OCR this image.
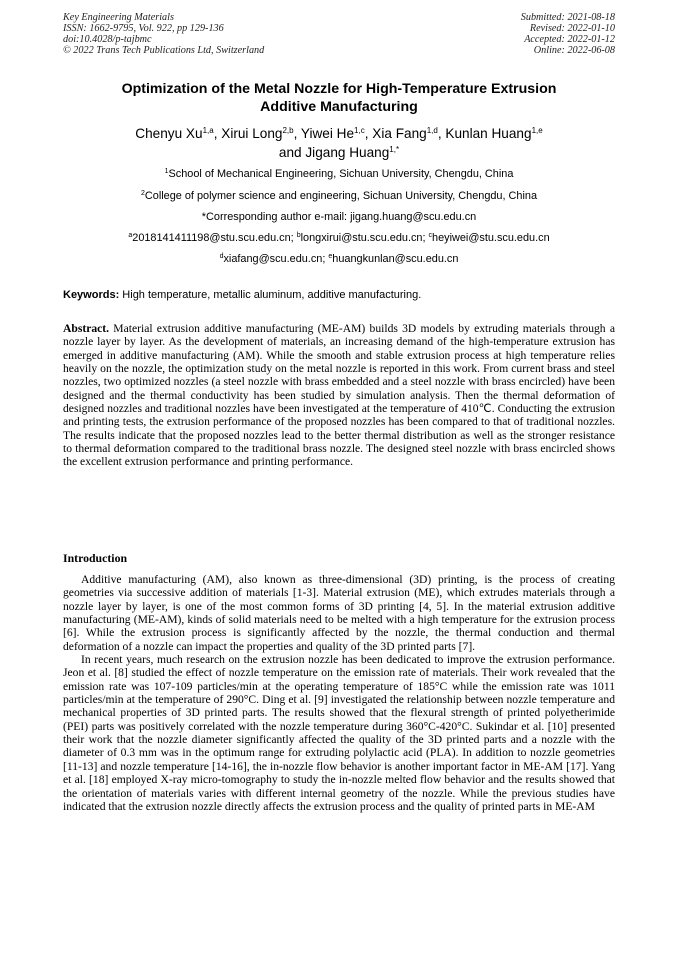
Key Engineering Materials
ISSN: 1662-9795, Vol. 922, pp 129-136
doi:10.4028/p-tajbmc
© 2022 Trans Tech Publications Ltd, Switzerland
Submitted: 2021-08-18
Revised: 2022-01-10
Accepted: 2022-01-12
Online: 2022-06-08
Optimization of the Metal Nozzle for High-Temperature Extrusion
Additive Manufacturing
Chenyu Xu$^{1,a}$, Xirui Long$^{2,b}$, Yiwei He$^{1,c}$, Xia Fang$^{1,d}$, Kunlan Huang$^{1,e}$
and Jigang Huang$^{1,*}$
$^1$School of Mechanical Engineering, Sichuan University, Chengdu, China
$^2$College of polymer science and engineering, Sichuan University, Chengdu, China
*Corresponding author e-mail: jigang.huang@scu.edu.cn
$^a$2018141411198@stu.scu.edu.cn; $^b$longxirui@stu.scu.edu.cn; $^c$heyiwei@stu.scu.edu.cn
$^d$xiafang@scu.edu.cn; $^e$huangkunlan@scu.edu.cn
Keywords: High temperature, metallic aluminum, additive manufacturing.

Abstract. Material extrusion additive manufacturing (ME-AM) builds 3D models by extruding materials through a nozzle layer by layer. As the development of materials, an increasing demand of the high-temperature extrusion has emerged in additive manufacturing (AM). While the smooth and stable extrusion process at high temperature relies heavily on the nozzle, the optimization study on the metal nozzle is reported in this work. From current brass and steel nozzles, two optimized nozzles (a steel nozzle with brass embedded and a steel nozzle with brass encircled) have been designed and the thermal conductivity has been studied by simulation analysis. Then the thermal deformation of designed nozzles and traditional nozzles have been investigated at the temperature of 410℃. Conducting the extrusion and printing tests, the extrusion performance of the proposed nozzles has been compared to that of traditional nozzles. The results indicate that the proposed nozzles lead to the better thermal distribution as well as the stronger resistance to thermal deformation compared to the traditional brass nozzle. The designed steel nozzle with brass encircled shows the excellent extrusion performance and printing performance.

Introduction

Additive manufacturing (AM), also known as three-dimensional (3D) printing, is the process of creating geometries via successive addition of materials [1-3]. Material extrusion (ME), which extrudes materials through a nozzle layer by layer, is one of the most common forms of 3D printing [4, 5]. In the material extrusion additive manufacturing (ME-AM), kinds of solid materials need to be melted with a high temperature for the extrusion process [6]. While the extrusion process is significantly affected by the nozzle, the thermal conduction and thermal deformation of a nozzle can impact the properties and quality of the 3D printed parts [7].

In recent years, much research on the extrusion nozzle has been dedicated to improve the extrusion performance. Jeon et al. [8] studied the effect of nozzle temperature on the emission rate of materials. Their work revealed that the emission rate was 107-109 particles/min at the operating temperature of 185°C while the emission rate was 1011 particles/min at the temperature of 290°C. Ding et al. [9] investigated the relationship between nozzle temperature and mechanical properties of 3D printed parts. The results showed that the flexural strength of printed polyetherimide (PEI) parts was positively correlated with the nozzle temperature during 360°C-420°C. Sukindar et al. [10] presented their work that the nozzle diameter significantly affected the quality of the 3D printed parts and a nozzle with the diameter of 0.3 mm was in the optimum range for extruding polylactic acid (PLA). In addition to nozzle geometries [11-13] and nozzle temperature [14-16], the in-nozzle flow behavior is another important factor in ME-AM [17]. Yang et al. [18] employed X-ray micro-tomography to study the in-nozzle melted flow behavior and the results showed that the orientation of materials varies with different internal geometry of the nozzle. While the previous studies have indicated that the extrusion nozzle directly affects the extrusion process and the quality of printed parts in ME-AM
